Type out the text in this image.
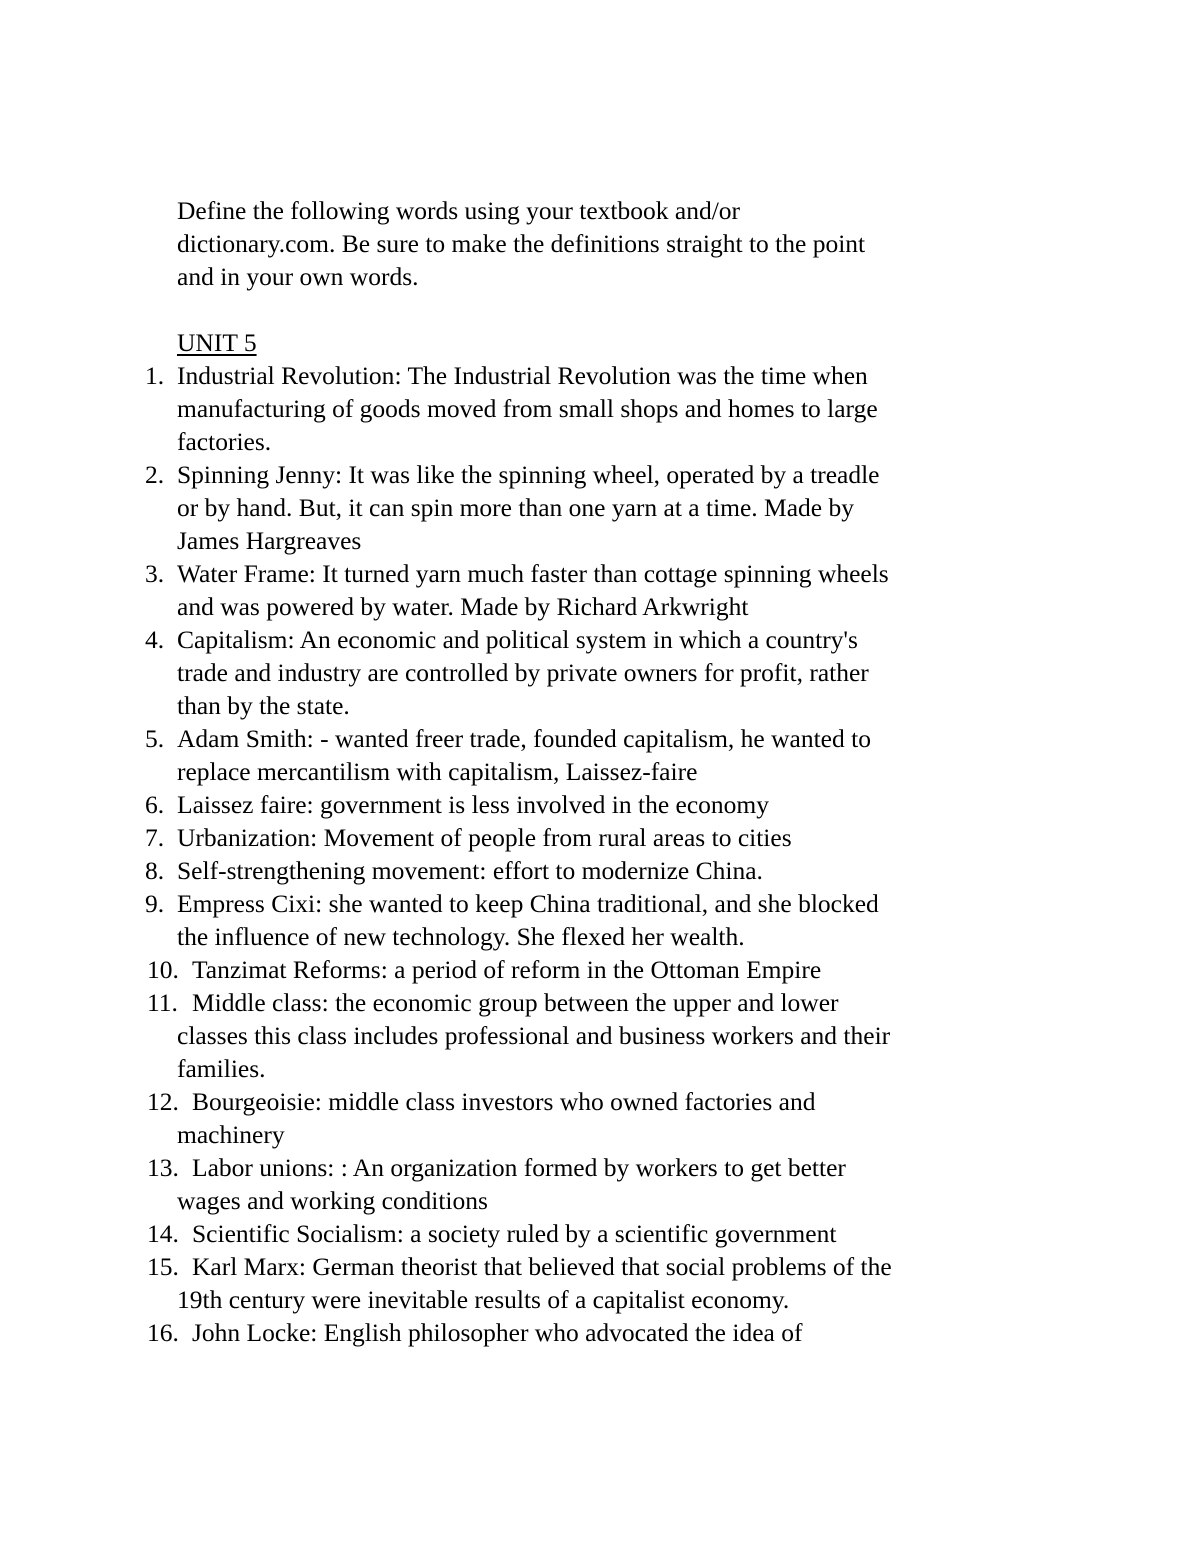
Define the following words using your textbook and/or dictionary.com. Be sure to make the definitions straight to the point and in your own words.

UNIT 5

1. Industrial Revolution: The Industrial Revolution was the time when manufacturing of goods moved from small shops and homes to large factories.
2. Spinning Jenny: It was like the spinning wheel, operated by a treadle or by hand. But, it can spin more than one yarn at a time. Made by James Hargreaves
3. Water Frame: It turned yarn much faster than cottage spinning wheels and was powered by water. Made by Richard Arkwright
4. Capitalism: An economic and political system in which a country's trade and industry are controlled by private owners for profit, rather than by the state.
5. Adam Smith: - wanted freer trade, founded capitalism, he wanted to replace mercantilism with capitalism, Laissez-faire
6. Laissez faire: government is less involved in the economy
7. Urbanization: Movement of people from rural areas to cities
8. Self-strengthening movement: effort to modernize China.
9. Empress Cixi: she wanted to keep China traditional, and she blocked the influence of new technology. She flexed her wealth.
10. Tanzimat Reforms: a period of reform in the Ottoman Empire
11. Middle class: the economic group between the upper and lower classes this class includes professional and business workers and their families.
12. Bourgeoisie: middle class investors who owned factories and machinery
13. Labor unions: : An organization formed by workers to get better wages and working conditions
14. Scientific Socialism: a society ruled by a scientific government
15. Karl Marx: German theorist that believed that social problems of the 19th century were inevitable results of a capitalist economy.
16. John Locke: English philosopher who advocated the idea of
